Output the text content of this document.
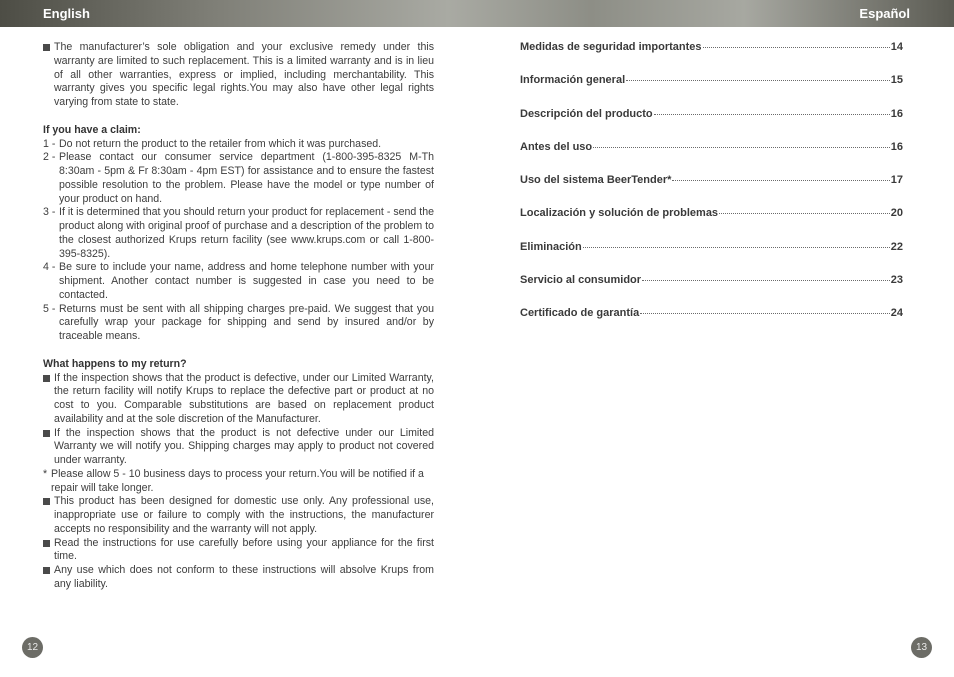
English	Español
The manufacturer’s sole obligation and your exclusive remedy under this warranty are limited to such replacement. This is a limited warranty and is in lieu of all other warranties, express or implied, including merchantability. This warranty gives you specific legal rights.You may also have other legal rights varying from state to state.
If you have a claim:
1 - Do not return the product to the retailer from which it was purchased.
2 - Please contact our consumer service department (1-800-395-8325 M-Th 8:30am - 5pm & Fr 8:30am - 4pm EST) for assistance and to ensure the fastest possible resolution to the problem. Please have the model or type number of your product on hand.
3 - If it is determined that you should return your product for replacement - send the product along with original proof of purchase and a description of the problem to the closest authorized Krups return facility (see www.krups.com or call 1-800-395-8325).
4 - Be sure to include your name, address and home telephone number with your shipment. Another contact number is suggested in case you need to be contacted.
5 - Returns must be sent with all shipping charges pre-paid. We suggest that you carefully wrap your package for shipping and send by insured and/or by traceable means.
What happens to my return?
If the inspection shows that the product is defective, under our Limited Warranty, the return facility will notify Krups to replace the defective part or product at no cost to you. Comparable substitutions are based on replacement product availability and at the sole discretion of the Manufacturer.
If the inspection shows that the product is not defective under our Limited Warranty we will notify you. Shipping charges may apply to product not covered under warranty.
* Please allow 5 - 10 business days to process your return.You will be notified if a repair will take longer.
This product has been designed for domestic use only. Any professional use, inappropriate use or failure to comply with the instructions, the manufacturer accepts no responsibility and the warranty will not apply.
Read the instructions for use carefully before using your appliance for the first time.
Any use which does not conform to these instructions will absolve Krups from any liability.
Medidas de seguridad importantes	14
Información general	15
Descripción del producto	16
Antes del uso	16
Uso del sistema BeerTender*	17
Localización y solución de problemas	20
Eliminación	22
Servicio al consumidor	23
Certificado de garantía	24
12	13
